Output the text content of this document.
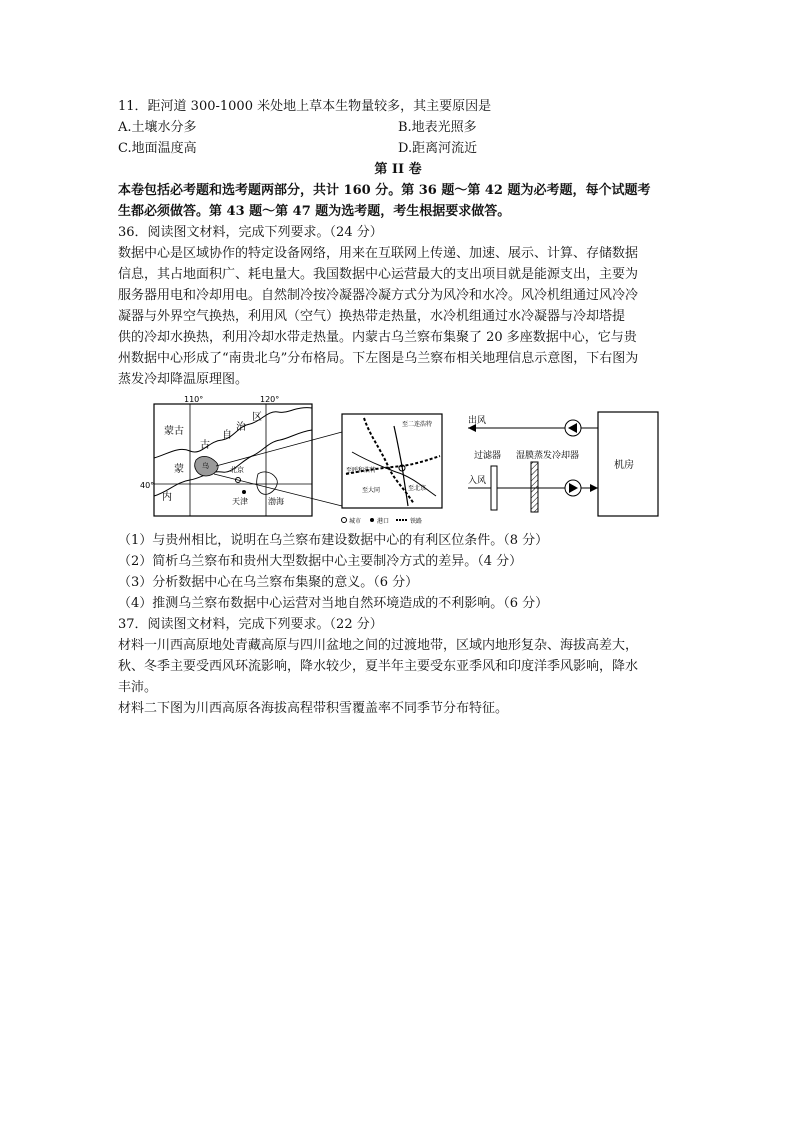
11．距河道 300-1000 米处地上草本生物量较多，其主要原因是
A.土壤水分多	B.地表光照多
C.地面温度高	D.距离河流近
第 II 卷
本卷包括必考题和选考题两部分，共计 160 分。第 36 题～第 42 题为必考题，每个试题考
生都必须做答。第 43 题～第 47 题为选考题，考生根据要求做答。
36．阅读图文材料，完成下列要求。（24 分）
数据中心是区域协作的特定设备网络，用来在互联网上传递、加速、展示、计算、存储数据
信息，其占地面积广、耗电量大。我国数据中心运营最大的支出项目就是能源支出，主要为
服务器用电和冷却用电。自然制冷按冷凝器冷凝方式分为风冷和水冷。风冷机组通过风冷冷
凝器与外界空气换热，利用风（空气）换热带走热量，水冷机组通过水冷凝器与冷却塔提
供的冷却水换热，利用冷却水带走热量。内蒙古乌兰察布集聚了 20 多座数据中心，它与贵
州数据中心形成了“南贵北乌”分布格局。下左图是乌兰察布相关地理信息示意图，下右图为
蒸发冷却降温原理图。
110°	120°
40°
蒙古
古
自
治
区
内
蒙	北京
天津	渤海
乌
至二连浩特
至呼和浩特
至大同	至北京
城市	港口	铁路
机房
出风
入风
过滤器 湿膜蒸发冷却器
（1）与贵州相比，说明在乌兰察布建设数据中心的有利区位条件。（8 分）
（2）简析乌兰察布和贵州大型数据中心主要制冷方式的差异。（4 分）
（3）分析数据中心在乌兰察布集聚的意义。（6 分）
（4）推测乌兰察布数据中心运营对当地自然环境造成的不利影响。（6 分）
37．阅读图文材料，完成下列要求。（22 分）
材料一川西高原地处青藏高原与四川盆地之间的过渡地带，区域内地形复杂、海拔高差大，
秋、冬季主要受西风环流影响，降水较少，夏半年主要受东亚季风和印度洋季风影响，降水
丰沛。
材料二下图为川西高原各海拔高程带积雪覆盖率不同季节分布特征。
